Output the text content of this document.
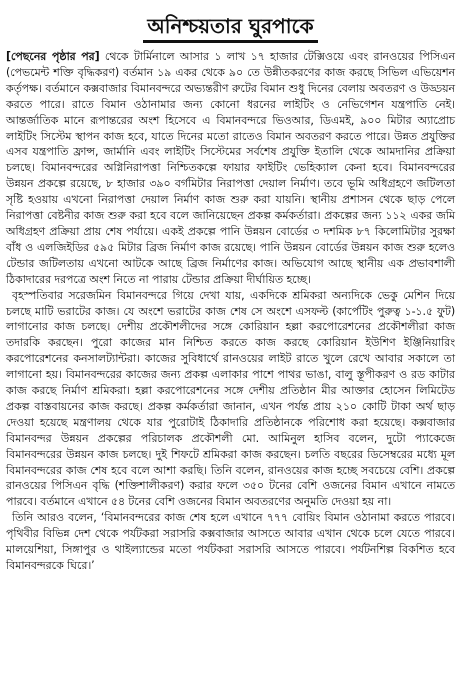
অনিশ্চয়তার ঘুরপাকে

[পেছনের পৃষ্ঠার পর] থেকে টার্মিনালে আসার ১ লাখ ১৭ হাজার টেক্সিওয়ে এবং রানওয়ের পিসিএন (পেভমেন্ট শক্তি বৃদ্ধিকরণ) বর্তমান ১৯ একর থেকে ৯০ তে উন্নীতকরণের কাজ করছে সিভিল এভিয়েশন কর্তৃপক্ষ। বর্তমানে কক্সবাজার বিমানবন্দরে অভ্যন্তরীণ রুটের বিমান শুধু দিনের বেলায় অবতরণ ও উড্ডয়ন করতে পারে। রাতে বিমান ওঠানামার জন্য কোনো ধরনের লাইটিং ও নেভিগেশন যন্ত্রপাতি নেই। আন্তর্জাতিক মানে রূপান্তরের অংশ হিসেবে এ বিমানবন্দরে ভিওআর, ডিএমই, ৯০০ মিটার অ্যাপ্রোচ লাইটিং সিস্টেম স্থাপন কাজ হবে, যাতে দিনের মতো রাতেও বিমান অবতরণ করতে পারে। উন্নত প্রযুক্তির এসব যন্ত্রপাতি ফ্রান্স, জার্মানি এবং লাইটিং সিস্টেমের সর্বশেষ প্রযুক্তি ইতালি থেকে আমদানির প্রক্রিয়া চলছে। বিমানবন্দরের অগ্নিনিরাপত্তা নিশ্চিতকল্পে ফায়ার ফাইটিং ভেহিক্যাল কেনা হবে। বিমানবন্দরের উন্নয়ন প্রকল্পে রয়েছে, ৮ হাজার ৩৯০ বর্গমিটার নিরাপত্তা দেয়াল নির্মাণ। তবে ভূমি অধিগ্রহণে জটিলতা সৃষ্টি হওয়ায় এখনো নিরাপত্তা দেয়াল নির্মাণ কাজ শুরু করা যায়নি। স্থানীয় প্রশাসন থেকে ছাড় পেলে নিরাপত্তা বেষ্টনীর কাজ শুরু করা হবে বলে জানিয়েছেন প্রকল্প কর্মকর্তারা। প্রকল্পের জন্য ১১২ একর জমি অধিগ্রহণ প্রক্রিয়া প্রায় শেষ পর্যায়ে। একই প্রকল্পে পানি উন্নয়ন বোর্ডের ৩ দশমিক ৮৭ কিলোমিটার সুরক্ষা বাঁধ ও এলজিইডির ৫৯৫ মিটার ব্রিজ নির্মাণ কাজ রয়েছে। পানি উন্নয়ন বোর্ডের উন্নয়ন কাজ শুরু হলেও টেন্ডার জটিলতায় এখনো আটকে আছে ব্রিজ নির্মাণের কাজ। অভিযোগ আছে স্থানীয় এক প্রভাবশালী ঠিকাদারের দরপত্রে অংশ নিতে না পারায় টেন্ডার প্রক্রিয়া দীর্ঘায়িত হচ্ছে।

বৃহস্পতিবার সরেজমিন বিমানবন্দরে গিয়ে দেখা যায়, একদিকে শ্রমিকরা অন্যদিকে ভেকু মেশিন দিয়ে চলছে মাটি ভরাটের কাজ। যে অংশে ভরাটের কাজ শেষ সে অংশে এসফল্ট (কার্পেটিং পুরুত্ব ১-১.৫ ফুট) লাগানোর কাজ চলছে। দেশীয় প্রকৌশলীদের সঙ্গে কোরিয়ান হল্লা করপোরেশনের প্রকৌশলীরা কাজ তদারকি করছেন। পুরো কাজের মান নিশ্চিত করতে কাজ করছে কোরিয়ান ইউশিণ ইঞ্জিনিয়ারিং করপোরেশনের কনসালট্যান্টরা। কাজের সুবিধার্থে রানওয়ের লাইট রাতে খুলে রেখে আবার সকালে তা লাগানো হয়। বিমানবন্দরের কাজের জন্য প্রকল্প এলাকার পাশে পাথর ভাঙা, বালু স্তূপীকরণ ও রড কাটার কাজ করছে নির্মাণ শ্রমিকরা। হল্লা করপোরেশনের সঙ্গে দেশীয় প্রতিষ্ঠান মীর আক্তার হোসেন লিমিটেড প্রকল্প বাস্তবায়নের কাজ করছে। প্রকল্প কর্মকর্তারা জানান, এখন পর্যন্ত প্রায় ২১০ কোটি টাকা অর্থ ছাড় দেওয়া হয়েছে মন্ত্রণালয় থেকে যার পুরোটাই ঠিকাদারি প্রতিষ্ঠানকে পরিশোধ করা হয়েছে। কক্সবাজার বিমানবন্দর উন্নয়ন প্রকল্পের পরিচালক প্রকৌশলী মো. আমিনুল হাসিব বলেন, দুটো প্যাকেজে বিমানবন্দরের উন্নয়ন কাজ চলছে। দুই শিফটে শ্রমিকরা কাজ করছেন। চলতি বছরের ডিসেম্বরের মধ্যে মূল বিমানবন্দরের কাজ শেষ হবে বলে আশা করছি। তিনি বলেন, রানওয়ের কাজ হচ্ছে সবচেয়ে বেশি। প্রকল্পে রানওয়ের পিসিএন বৃদ্ধি (শক্তিশালীকরণ) করার ফলে ৩৫০ টনের বেশি ওজনের বিমান এখানে নামতে পারবে। বর্তমানে এখানে ৫৪ টনের বেশি ওজনের বিমান অবতরণের অনুমতি দেওয়া হয় না।

তিনি আরও বলেন, ‘বিমানবন্দরের কাজ শেষ হলে এখানে ৭৭৭ বোয়িং বিমান ওঠানামা করতে পারবে। পৃথিবীর বিভিন্ন দেশ থেকে পর্যটকরা সরাসরি কক্সবাজার আসতে আবার এখান থেকে চলে যেতে পারবে। মালয়েশিয়া, সিঙ্গাপুর ও থাইল্যান্ডের মতো পর্যটকরা সরাসরি আসতে পারবে। পর্যটনশিল্প বিকশিত হবে বিমানবন্দরকে ঘিরে।’
